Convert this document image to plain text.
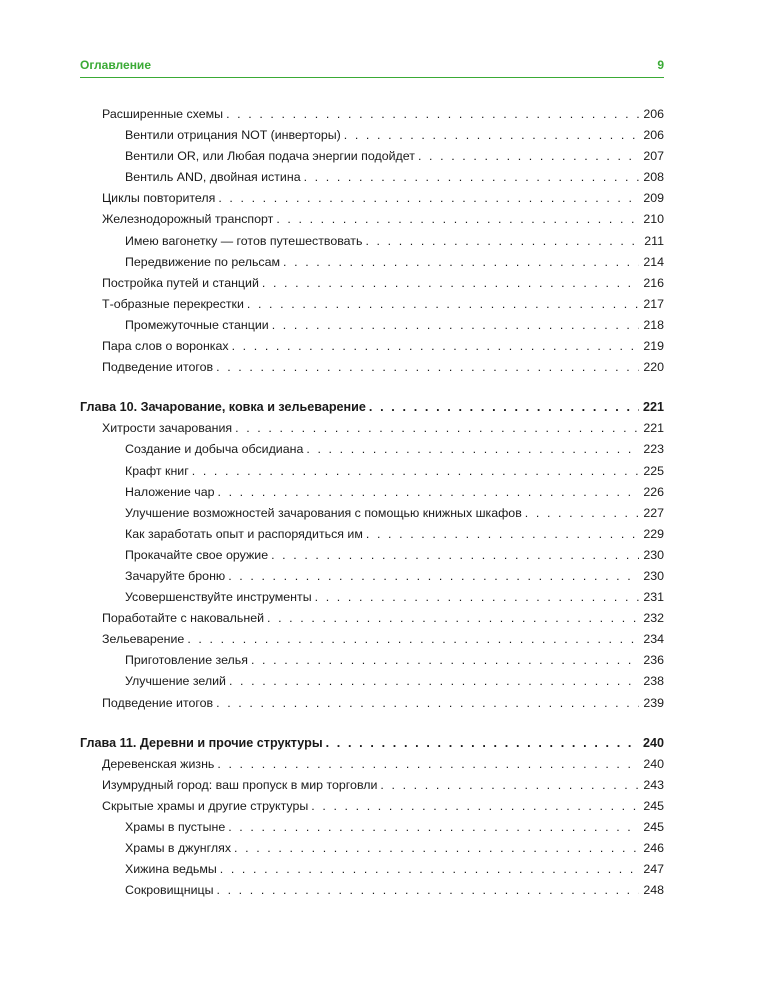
Оглавление	9
Расширенные схемы . . .	206
Вентили отрицания NOT (инверторы) . . .	206
Вентили OR, или Любая подача энергии подойдет . . .	207
Вентиль AND, двойная истина . . .	208
Циклы повторителя . . .	209
Железнодорожный транспорт . . .	210
Имею вагонетку — готов путешествовать . . .	211
Передвижение по рельсам . . .	214
Постройка путей и станций . . .	216
Т-образные перекрестки . . .	217
Промежуточные станции . . .	218
Пара слов о воронках . . .	219
Подведение итогов . . .	220
Глава 10. Зачарование, ковка и зельеварение . . .	221
Хитрости зачарования . . .	221
Создание и добыча обсидиана . . .	223
Крафт книг . . .	225
Наложение чар . . .	226
Улучшение возможностей зачарования с помощью книжных шкафов . . .	227
Как заработать опыт и распорядиться им . . .	229
Прокачайте свое оружие . . .	230
Зачаруйте броню . . .	230
Усовершенствуйте инструменты . . .	231
Поработайте с наковальней . . .	232
Зельеварение . . .	234
Приготовление зелья . . .	236
Улучшение зелий . . .	238
Подведение итогов . . .	239
Глава 11. Деревни и прочие структуры . . .	240
Деревенская жизнь . . .	240
Изумрудный город: ваш пропуск в мир торговли . . .	243
Скрытые храмы и другие структуры . . .	245
Храмы в пустыне . . .	245
Храмы в джунглях . . .	246
Хижина ведьмы . . .	247
Сокровищницы . . .	248
